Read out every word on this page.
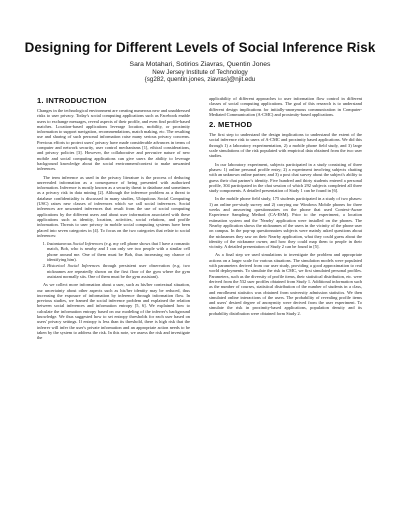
Designing for Different Levels of Social Inference Risk
Sara Motahari, Sotirios Ziavras, Quentin Jones
New Jersey Institute of Technology
{sg282, quentin.jones, ziavras}@njit.edu
1. INTRODUCTION

Changes in the technological environment are creating numerous new and unaddressed risks to user privacy. Today's social computing applications such as Facebook enable users to exchange messages, reveal aspects of their profile, and even find profile-based matches. Location-based applications leverage location, mobility, or proximity information to support navigation, recommendations, match making, etc. The resulting use and sharing of such personal information raise many serious privacy concerns. Previous efforts to protect users' privacy have made considerable advances in terms of computer and network security, user control mechanisms [1], ethical considerations, and privacy policies [3]. However, the collaborative and pervasive nature of new mobile and social computing applications can give users the ability to leverage background knowledge about the social environment/context to make unwanted inferences.

The term inference as used in the privacy literature is the process of deducing unrevealed information as a consequence of being presented with authorized information. Inference is mostly known as a security threat to database and sometimes as a privacy risk in data mining [2]. Although the inference problem as a threat to database confidentiality is discussed in many studies, Ubiquitous Social Computing (USC) raises new classes of inferences which we call social inferences. Social inferences are unwanted inferences that result from the use of social computing applications by the different users and about user information associated with these applications such as identity, location, activities, social relations, and profile information. Threats to user privacy in mobile social computing systems have been placed into seven categories in [4]. To focus on the two categories that relate to social inferences:

1. Instantaneous Social Inferences (e.g. my cell phone shows that I have a romantic match, Bob, who is nearby and I can only see two people with a similar cell phone around me. One of them must be Bob, thus increasing my chance of identifying him).
2. Historical Social Inferences through persistent user observation (e.g. two nicknames are repeatedly shown on the first floor of the gym where the gym assistant normally sits. One of them must be the gym assistant).

As we collect more information about a user, such as his/her contextual situation, our uncertainty about other aspects such as his/her identity may be reduced, thus increasing the exposure of information by inference through information flow. In previous studies, we framed the social inference problem and explained the relation between social inferences and information entropy [5, 6]. We explained how to calculate the information entropy based on our modeling of the inferrer's background knowledge. We thus suggested how to set entropy thresholds for each user based on users' privacy settings. If entropy is less than its threshold, there is high risk that the inferrer will infer the user's private information and an appropriate action needs to be taken by the system to address the risk. In this note, we assess the risk and investigate the

applicability of different approaches to user information flow control in different classes of social computing applications. The goal of this research is to understand different design implications for initially-anonymous communication in Computer-Mediated Communication (A-CMC) and proximity-based applications.

2. METHOD

The first step to understand the design implications to understand the extent of the social inference risk to users of A-CMC and proximity based applications. We did this through 1) a laboratory experimentation, 2) a mobile phone field study, and 3) large scale simulations of the risk populated with empirical data obtained from the two user studies.

In our laboratory experiment, subjects participated in a study consisting of three phases: 1) online personal profile entry; 2) a experiment involving subjects chatting with an unknown online partner; and 3) a post chat survey about the subject's ability to guess their chat partner's identity. Five hundred and thirty students entered a personal profile, 304 participated in the chat session of which 292 subjects completed all three study components. A detailed presentation of Study 1 can be found in [6].

In the mobile phone field study, 175 students participated in a study of two phases: 1) an online pre-study survey and 2) carrying our Windows Mobile phones for three weeks and answering questionnaires on the phone that used Context-Aware Experience Sampling Method (CA-ESM). Prior to the experiment, a location estimation system and the 'Nearby' application were installed on the phones. The Nearby application shows the nicknames of the users in the vicinity of the phone user on campus. In the pop-up questionnaires subjects were mainly asked questions about the nicknames they saw on their Nearby application, what they could guess about the identity of the nickname owner, and how they could map them to people in their vicinity. A detailed presentation of Study 2 can be found in [5].

As a final step we used simulations to investigate the problem and appropriate actions on a larger scale for various situations. The simulation models were populated with parameters derived from our user study, providing a good approximation to real world deployments. To simulate the risk in CMC, we first simulated personal profiles. Parameters, such as the diversity of profile items, their statistical distribution, etc. were derived from the 532 user profiles obtained from Study 1. Additional information such as the number of courses, statistical distribution of the number of students in a class, and enrollment statistics was obtained from university admission statistics. We then simulated online interactions of the users. The probability of revealing profile items and users' desired degree of anonymity were derived from the user experiment. To simulate the risk in proximity-based applications, population density and its probability distribution were obtained form Study 2.
